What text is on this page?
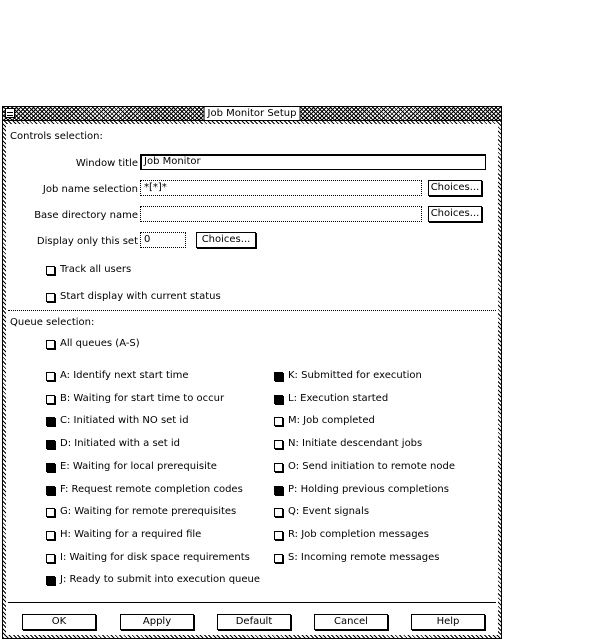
Job Monitor Setup
Controls selection:
Window title Job Monitor
Job name selection *[*]*	Choices...
Base directory name	Choices...
Display only this set 0	Choices...
Track all users
Start display with current status
Queue selection:
All queues (A-S)
A: Identify next start time
B: Waiting for start time to occur
C: Initiated with NO set id
D: Initiated with a set id
E: Waiting for local prerequisite
F: Request remote completion codes
G: Waiting for remote prerequisites
H: Waiting for a required file
I: Waiting for disk space requirements
J: Ready to submit into execution queue
K: Submitted for execution
L: Execution started
M: Job completed
N: Initiate descendant jobs
O: Send initiation to remote node
P: Holding previous completions
Q: Event signals
R: Job completion messages
S: Incoming remote messages
OK	Apply	Default	Cancel	Help
